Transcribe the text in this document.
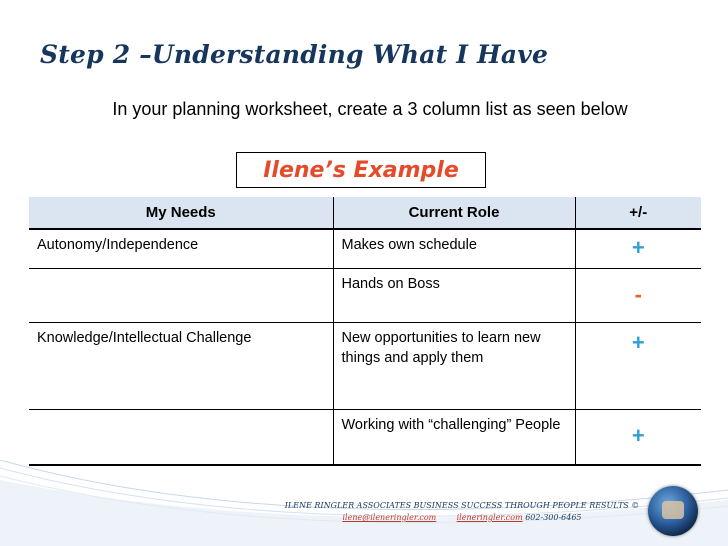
Step 2 –Understanding What I Have
In your planning worksheet, create a 3 column list as seen below
Ilene’s Example
My Needs	Current Role	+/-
Autonomy/Independence	Makes own schedule	+
	Hands on Boss	-
Knowledge/Intellectual Challenge	New opportunities to learn new things and apply them	+
	Working with “challenging” People	+
ILENE RINGLER ASSOCIATES BUSINESS SUCCESS THROUGH PEOPLE RESULTS ©
ilene@ileneringler.com	ileneringler.com 602-300-6465
